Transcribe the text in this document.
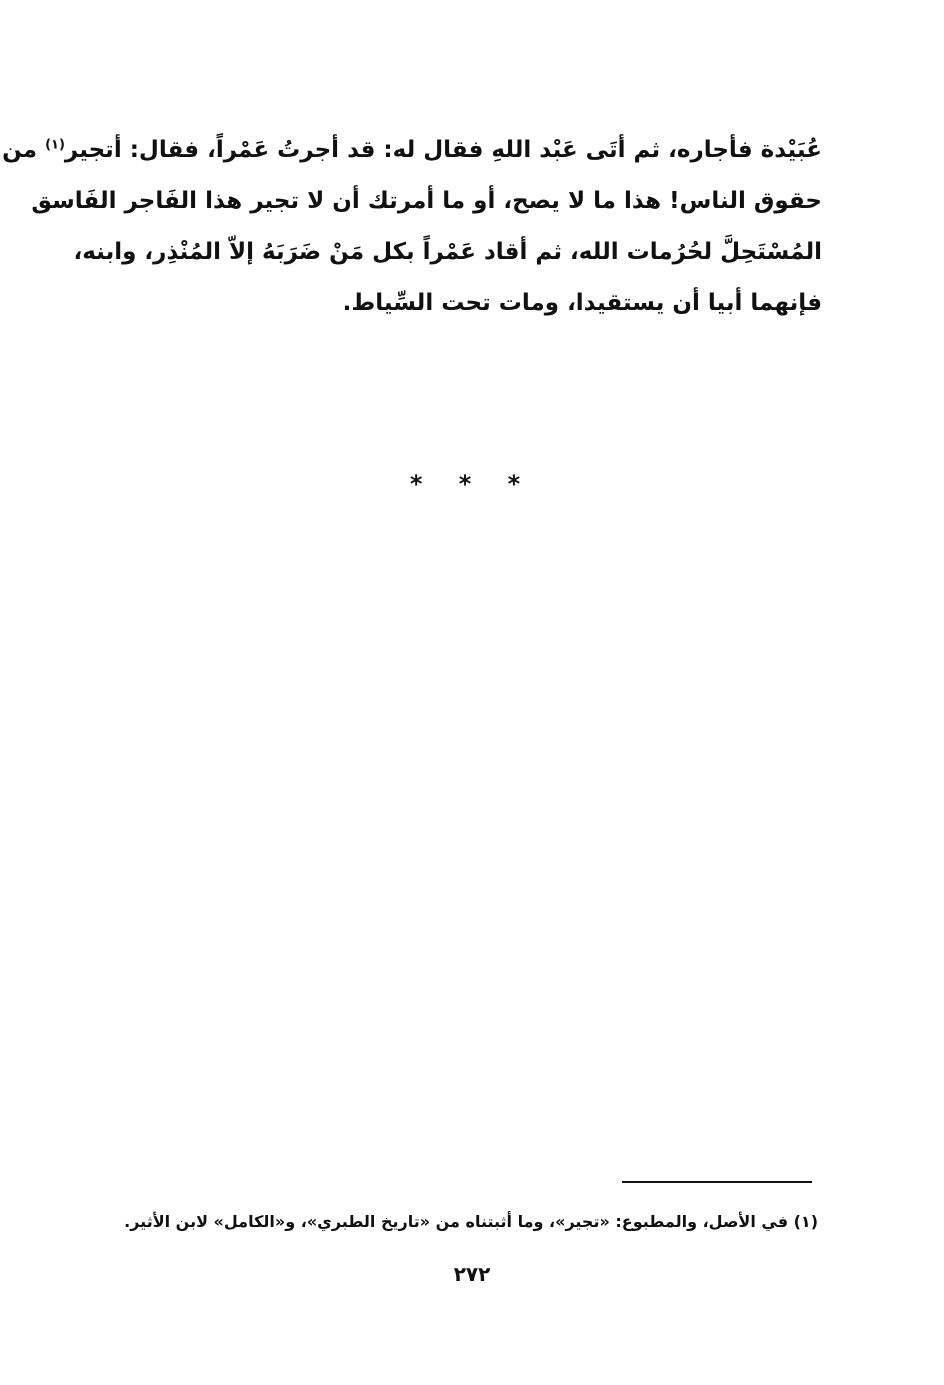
عُبَيْدة فأجاره، ثم أتَى عَبْد اللهِ فقال له: قد أجرتُ عَمْراً، فقال: أتجير$^{(١)}$ من
حقوق الناس! هذا ما لا يصح، أو ما أمرتك أن لا تجير هذا الفَاجر الفَاسق
المُسْتَحِلَّ لحُرُمات الله، ثم أقاد عَمْراً بكل مَنْ ضَرَبَهُ إلاّ المُنْذِر، وابنه،
فإنهما أبيا أن يستقيدا، ومات تحت السِّياط.
* * *
(١) في الأصل، والمطبوع: «تجير»، وما أثبتناه من «تاريخ الطبري»، و«الكامل» لابن الأثير.
٢٧٢
